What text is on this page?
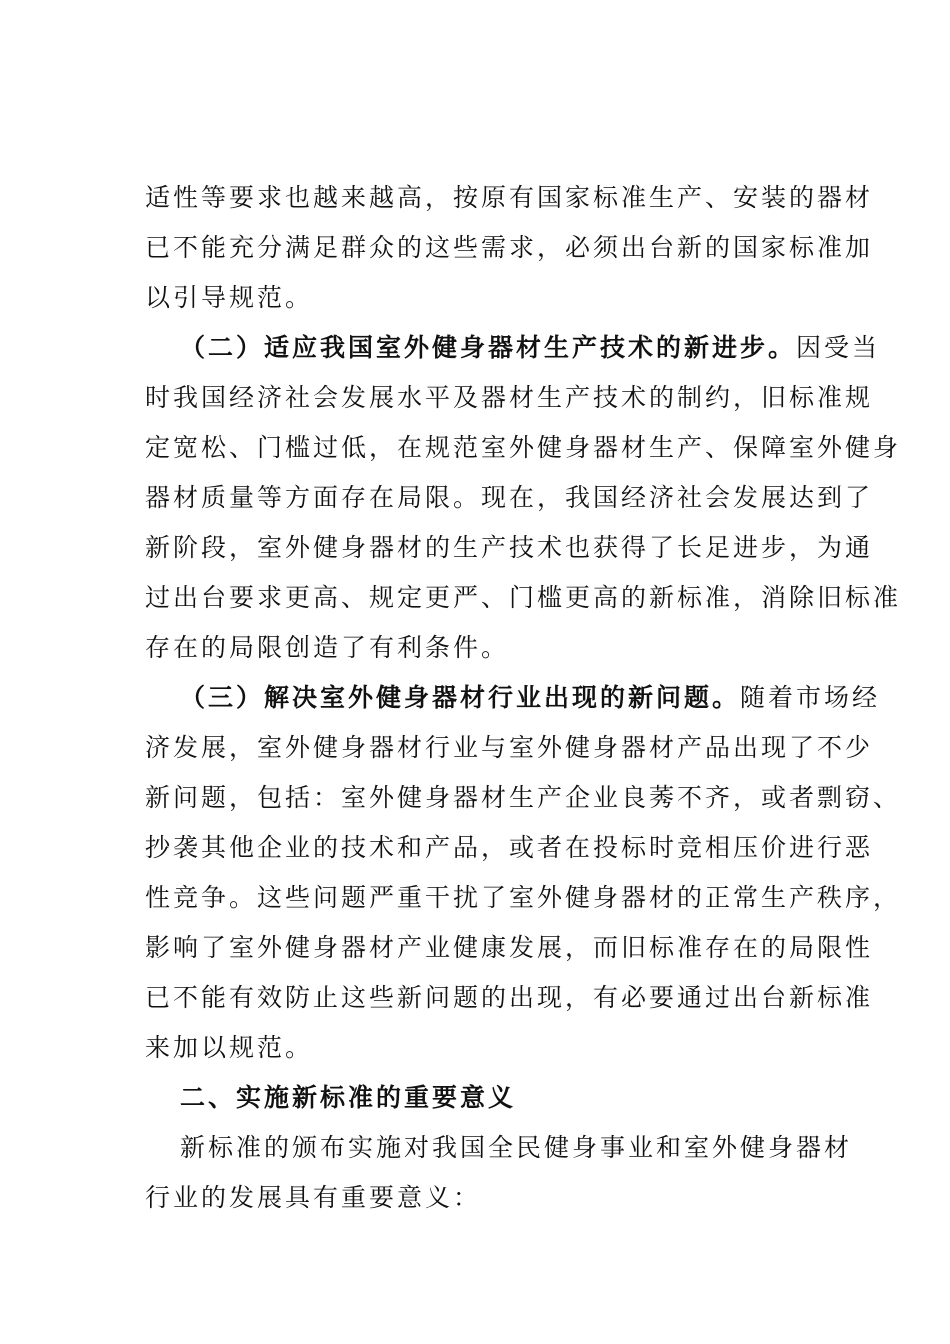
适性等要求也越来越高，按原有国家标准生产、安装的器材
已不能充分满足群众的这些需求，必须出台新的国家标准加
以引导规范。
（二）适应我国室外健身器材生产技术的新进步。因受当
时我国经济社会发展水平及器材生产技术的制约，旧标准规
定宽松、门槛过低，在规范室外健身器材生产、保障室外健身
器材质量等方面存在局限。现在，我国经济社会发展达到了
新阶段，室外健身器材的生产技术也获得了长足进步，为通
过出台要求更高、规定更严、门槛更高的新标准，消除旧标准
存在的局限创造了有利条件。
（三）解决室外健身器材行业出现的新问题。随着市场经
济发展，室外健身器材行业与室外健身器材产品出现了不少
新问题，包括：室外健身器材生产企业良莠不齐，或者剽窃、
抄袭其他企业的技术和产品，或者在投标时竞相压价进行恶
性竞争。这些问题严重干扰了室外健身器材的正常生产秩序，
影响了室外健身器材产业健康发展，而旧标准存在的局限性
已不能有效防止这些新问题的出现，有必要通过出台新标准
来加以规范。
二、实施新标准的重要意义
新标准的颁布实施对我国全民健身事业和室外健身器材
行业的发展具有重要意义：
